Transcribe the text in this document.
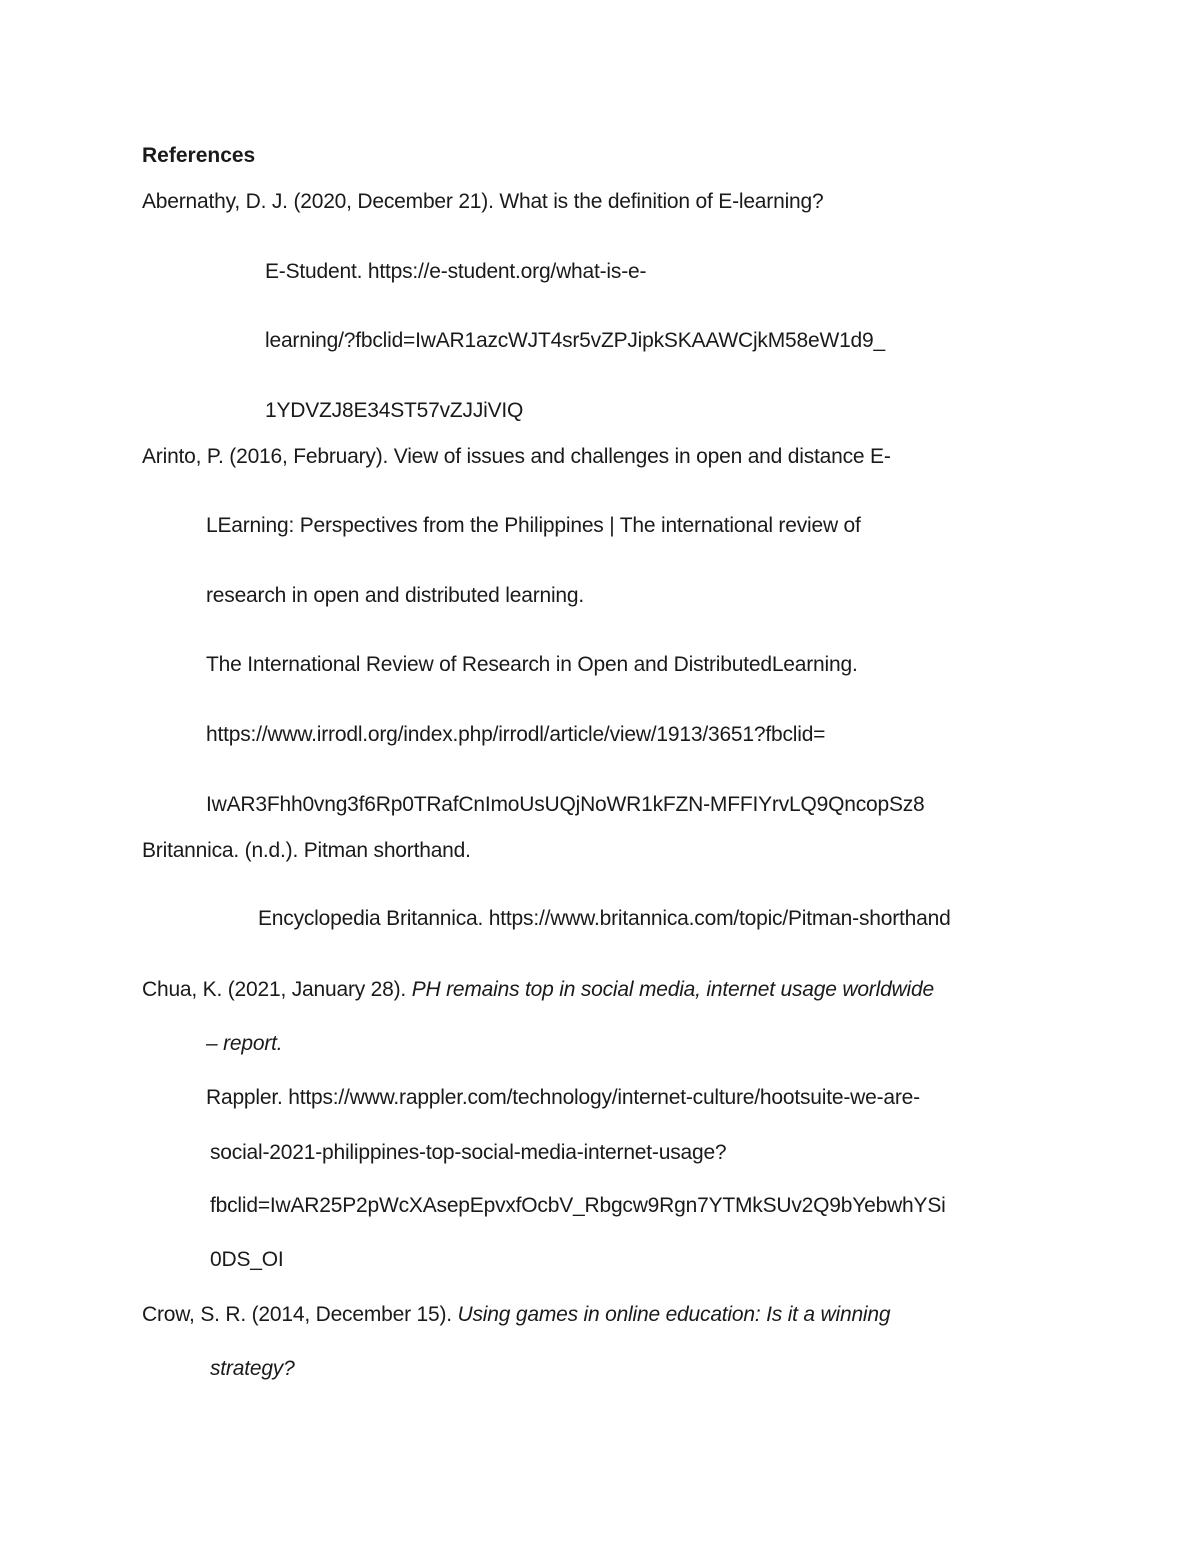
References
Abernathy, D. J. (2020, December 21). What is the definition of E-learning?
E-Student. https://e-student.org/what-is-e-
learning/?fbclid=IwAR1azcWJT4sr5vZPJipkSKAAWCjkM58eW1d9_
1YDVZJ8E34ST57vZJJiVIQ
Arinto, P. (2016, February). View of issues and challenges in open and distance E-
LEarning: Perspectives from the Philippines | The international review of
research in open and distributed learning.
The International Review of Research in Open and DistributedLearning.
https://www.irrodl.org/index.php/irrodl/article/view/1913/3651?fbclid=
IwAR3Fhh0vng3f6Rp0TRafCnImoUsUQjNoWR1kFZN-MFFIYrvLQ9QncopSz8
Britannica. (n.d.). Pitman shorthand.
Encyclopedia Britannica. https://www.britannica.com/topic/Pitman-shorthand
Chua, K. (2021, January 28). PH remains top in social media, internet usage worldwide
– report.
Rappler. https://www.rappler.com/technology/internet-culture/hootsuite-we-are-
social-2021-philippines-top-social-media-internet-usage?
fbclid=IwAR25P2pWcXAsepEpvxfOcbV_Rbgcw9Rgn7YTMkSUv2Q9bYebwhYSi
0DS_OI
Crow, S. R. (2014, December 15). Using games in online education: Is it a winning
strategy?
